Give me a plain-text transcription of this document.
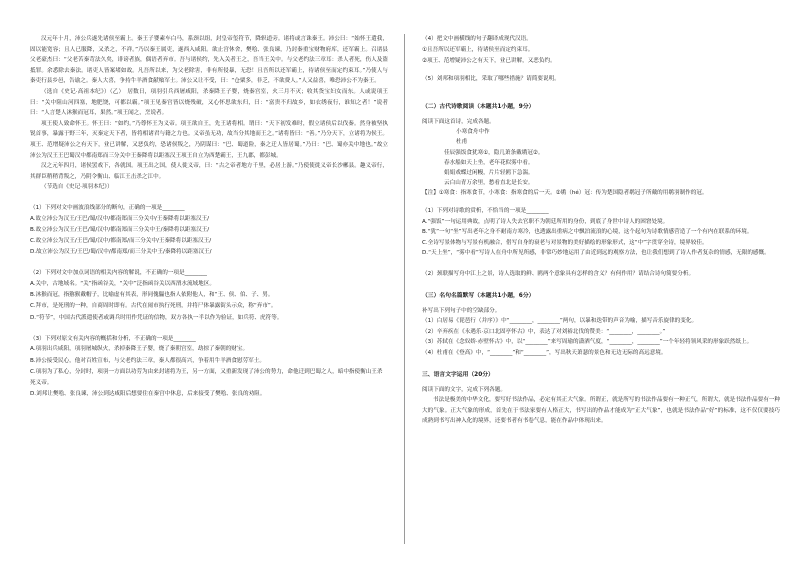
汉元年十月，沛公兵遂先诸侯至霸上。秦王子婴素车白马，系颈以组，封皇帝玺符节，降轵道旁。诸将或言诛秦王。沛公曰：“始怀王遣我，固以能宽容；且人已服降，又杀之，不祥。”乃以秦王属吏，遂西入咸阳。欲止宫休舍，樊哙、张良谏，乃封秦重宝财物府库，还军霸上。召诸县父老豪杰曰：“父老苦秦苛法久矣，诽谤者族，偶语者弃市。吾与诸侯约，先入关者王之，吾当王关中。与父老约法三章耳：杀人者死，伤人及盗抵罪。余悉除去秦法。诸吏人皆案堵如故。凡吾所以来，为父老除害，非有所侵暴，无恐！且吾所以还军霸上，待诸侯至而定约束耳。”乃使人与秦吏行县乡邑，告谕之。秦人大喜，争持牛羊酒食献飨军士。沛公又让不受，曰：“仓粟多，非乏，不欲费人。”人又益喜，唯恐沛公不为秦王。

（选自《史记·高祖本纪》）（乙）　居数日，项羽引兵西屠咸阳，杀秦降王子婴，烧秦宫室，火三月不灭；收其货宝妇女而东。人或说项王曰：“关中阻山河四塞，地肥饶，可都以霸。”项王见秦宫皆以烧残破，又心怀思欲东归，曰：“富贵不归故乡，如衣绣夜行，谁知之者！”说者曰：“人言楚人沐猴而冠耳，果然。”项王闻之，烹说者。

项王使人致命怀王。怀王曰：“如约。”乃尊怀王为义帝。项王欲自王，先王诸将相。谓曰：“天下初发难时，假立诸侯后以伐秦。然身被坚执锐首事，暴露于野三年，灭秦定天下者，皆将相诸君与籍之力也。义帝虽无功，故当分其地而王之。”诸将皆曰：“善。”乃分天下，立诸将为侯王。项王、范增疑沛公之有天下，业已讲解，又恶负约，恐诸侯叛之，乃阴谋曰：“巴、蜀道险，秦之迁人皆居蜀。”乃曰：“巴、蜀亦关中地也。”故立沛公为汉王王巴蜀汉中都南郑而三分关中王秦降将以距塞汉王项王自立为西楚霸王，王九郡，都彭城。

汉之元年四月，诸侯罢戏下，各就国。项王出之国，使人徙义帝，曰：“古之帝者地方千里，必居上游。”乃使使徙义帝长沙郴县。趣义帝行，其群臣稍稍背叛之，乃阴令衡山、临江王击杀之江中。

（节选自《史记·项羽本纪》）

（1）下列对文中画波浪线部分的断句，正确的一项是________

A.故立沛公为汉王/王巴/蜀/汉中/都南郑而三分关中/王秦降将以距塞汉王/
B.故立沛公为汉王/王巴/蜀/汉中/都南郑而三分关中王/秦降将以距塞汉王/
C.故立沛公为汉王/王巴/蜀/汉中/都南郑/而三分关中/王秦降将以距塞汉王/
D.故立沛公为汉王/王巴/蜀/汉中/都南郑/而三分关中王/秦降将以距塞汉王/

（2）下列对文中加点词语的相关内容的解说，不正确的一项是________

A.关中，古地域名。“关”指函谷关，“关中”泛指函谷关以西渭水流域地区。
B.沐猴而冠，指猕猴戴帽子，比喻虚有其表，形同傀儡也指人依附他人，和“王、侯、伯、子、男。
C.拜市，是死刑的一种，自商周时即有。古代在闹市执行死刑，并将尸体暴露街头示众，称“弃市”。
D.“符节”，中国古代派遣使者或调兵时用作凭证的信物，双方各执一半以作为验证，如兵符、虎符等。

（3）下列对原文有关内容的概括和分析，不正确的一项是________

A.项羽出兵咸阳，项羽屠城纵火，杀掉秦降王子婴，烧了秦朝宫室，劫掠了秦朝的财宝。
B.沛公接受民心，他对百姓宣布，与父老约法三章，秦人都很高兴，争着用牛羊酒食慰劳军士。
C.项羽为了私心，分封时，项羽一方面以功劳为由来封诸将为王，另一方面，又重新发现了沛公的势力，命他迁到巴蜀之人，暗中指使衡山王杀死义帝。
D.刘邦让樊哙、张良谏，沛公到达咸阳后想要住在秦宫中休息，后来接受了樊哙、张良的劝阻。

（4）把文中画横线的句子翻译成现代汉语。

①且吾所以还军霸上，待诸侯至而定约束耳。
②项王、范增疑沛公之有天下，业已讲解，又恶负约。

（5）刘邦和项羽相比，采取了哪些措施？请简要说明。

（二）古代诗歌阅读（本题共1小题，9分）

阅读下面这首诗，完成各题。

小寒食舟中作
杜甫
佳辰强饭食犹寒①，隐几萧条戴鹖冠②。
春水船如天上坐，老年花似雾中看。
娟娟戏蝶过闲幔，片片轻鸥下急湍。
云白山青万余里，愁看直北是长安。

【注】①寒食：指寒食节，小寒食：指寒食的后一天。②鹖（hé）冠：传为楚国隐者鹖冠子所戴的用鹖羽制作的冠。

（1）下列对诗歌的赏析，不恰当的一项是________

A.“强饭”一句运用典故，点明了诗人失去官职不为朝廷所用的身份，到底了身世中诗人的困窘处境。

B.“犹”一句“坐”写出老年之身不耐南方寒冷，也透露出重病之中飘泊流浪的心境，这个起句为诗歌情感营造了一个有内在联系的环境。

C.全诗写景体物与写景有机融合，借写自身的衰老与对景物的美好描绘的形象形式，这“中”字贯穿全诗，境界较佳。

D.“天上坐”，“雾中看”写诗人在舟中所见所感，非常巧妙地运用了由近到远的观察方法，也让我们想到了诗人作者复杂的情感，无限的感慨。

（2）颈联描写舟中江上之景，诗人选取的鲜、鸥两个意象具有怎样的含义？有何作用？请结合诗句简要分析。

（三）名句名篇默写（本题共1小题，6分）

补写出下列句子中的空缺部分。

（1）白居易《琵琶行（并序）》中“________，________”两句，以暴和迭带的声音为喻，描写音乐旋律的变化。

（2）辛弃疾在《永遇乐·京口北固亭怀古》中，表达了对刘裕北伐的赞美：“________，________。”

（3）苏轼在《念奴娇·赤壁怀古》中，以“________”来写周瑜的潇洒气度，“________，________”一个年轻将领风采的形象跃然纸上。

（4）杜甫在《登高》中，“________”和“________”，写出秋天萧瑟的景色和无边无际的高远意境。

三、语言文字运用（20分）

阅读下面的文字，完成下列各题。

书法是极美的中华文化，要写好书法作品，必定有其正大气象。所谓正，就是所写的书法作品要有一种正气，所谓大，就是书法作品要有一种大的气象。正大气象的形成，首先在于书法家要有人格正大，书写出的作品才能成为“正大气象”，也就是书法作品“好”的标准，这不仅仅要技巧成熟到书写出神入化的境界，还要书者有书卷气息，能在作品中体现出来。
